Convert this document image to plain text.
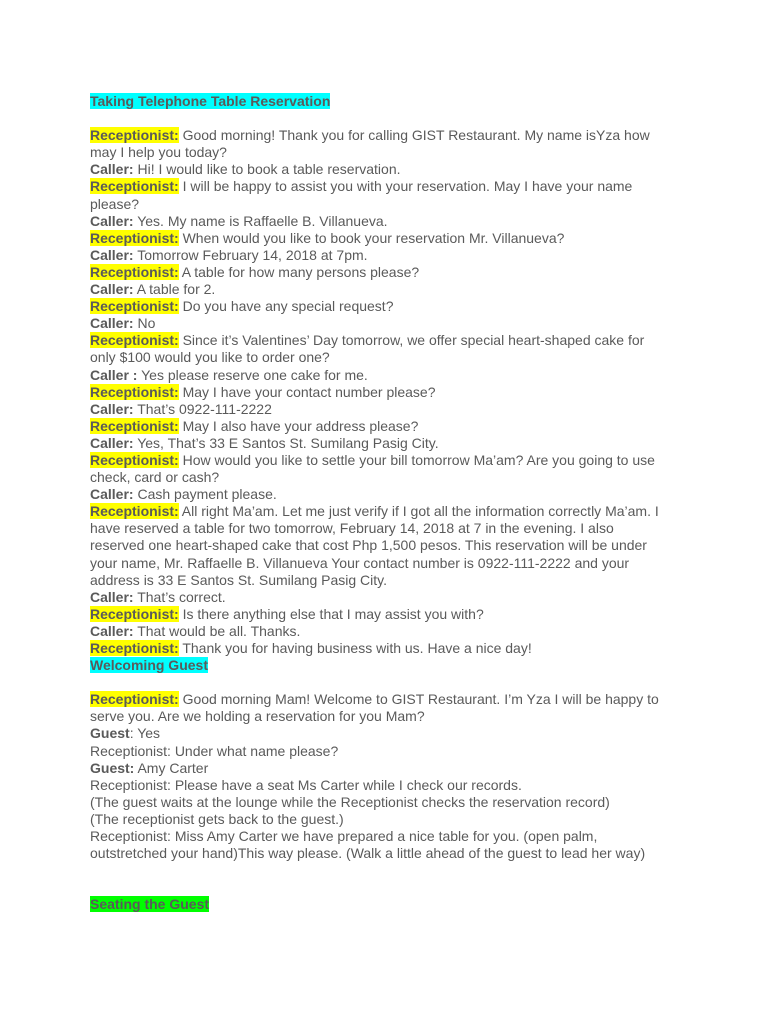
Taking Telephone Table Reservation
Receptionist: Good morning! Thank you for calling GIST Restaurant. My name isYza how
may I help you today?
Caller: Hi! I would like to book a table reservation.
Receptionist: I will be happy to assist you with your reservation. May I have your name
please?
Caller: Yes. My name is Raffaelle B. Villanueva.
Receptionist: When would you like to book your reservation Mr. Villanueva?
Caller: Tomorrow February 14, 2018 at 7pm.
Receptionist: A table for how many persons please?
Caller: A table for 2.
Receptionist: Do you have any special request?
Caller: No
Receptionist: Since it’s Valentines’ Day tomorrow, we offer special heart-shaped cake for
only $100 would you like to order one?
Caller : Yes please reserve one cake for me.
Receptionist: May I have your contact number please?
Caller: That’s 0922-111-2222
Receptionist: May I also have your address please?
Caller: Yes, That’s 33 E Santos St. Sumilang Pasig City.
Receptionist: How would you like to settle your bill tomorrow Ma’am? Are you going to use
check, card or cash?
Caller: Cash payment please.
Receptionist: All right Ma’am. Let me just verify if I got all the information correctly Ma’am. I
have reserved a table for two tomorrow, February 14, 2018 at 7 in the evening. I also
reserved one heart-shaped cake that cost Php 1,500 pesos. This reservation will be under
your name, Mr. Raffaelle B. Villanueva Your contact number is 0922-111-2222 and your
address is 33 E Santos St. Sumilang Pasig City.
Caller: That’s correct.
Receptionist: Is there anything else that I may assist you with?
Caller: That would be all. Thanks.
Receptionist: Thank you for having business with us. Have a nice day!
Welcoming Guest
Receptionist: Good morning Mam! Welcome to GIST Restaurant. I’m Yza I will be happy to
serve you. Are we holding a reservation for you Mam?
Guest: Yes
Receptionist: Under what name please?
Guest: Amy Carter
Receptionist: Please have a seat Ms Carter while I check our records.
(The guest waits at the lounge while the Receptionist checks the reservation record)
(The receptionist gets back to the guest.)
Receptionist: Miss Amy Carter we have prepared a nice table for you. (open palm,
outstretched your hand)This way please. (Walk a little ahead of the guest to lead her way)
Seating the Guest
